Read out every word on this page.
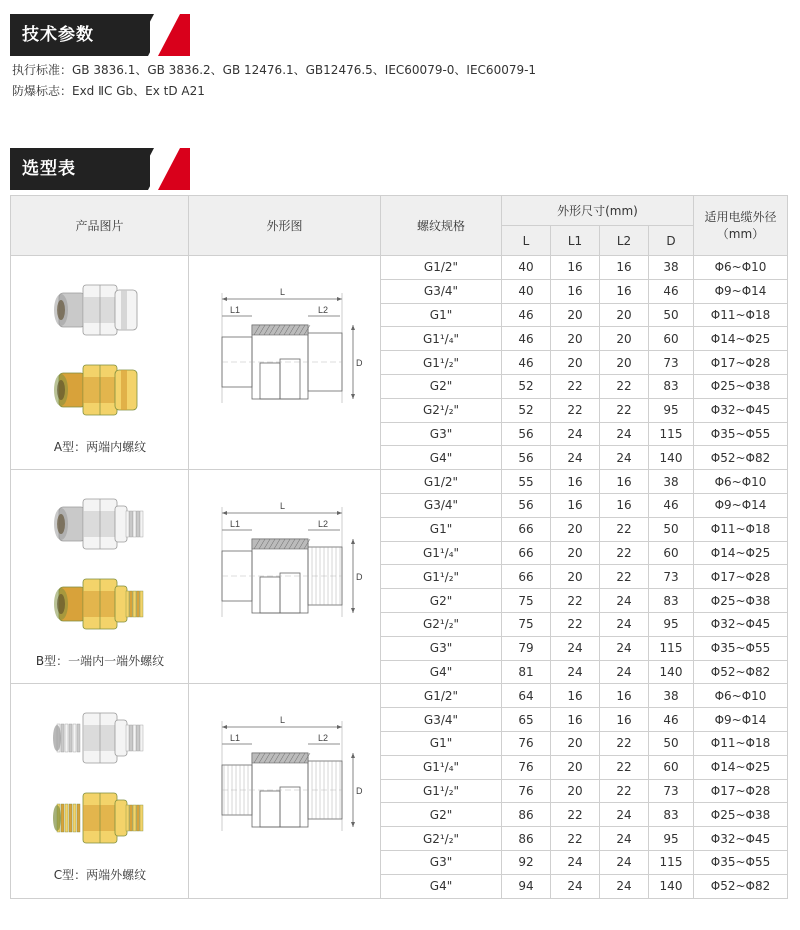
技术参数
执行标准：GB 3836.1、GB 3836.2、GB 12476.1、GB12476.5、IEC60079-0、IEC60079-1
防爆标志：Exd ⅡC Gb、Ex tD A21
选型表
产品图片	外形图	螺纹规格	外形尺寸(mm)				适用电缆外径（mm）
			L	L1	L2	D	

A型：两端内螺纹	L
L1 L2
D	G1/2"	40	16	16	38	Φ6~Φ10
		G3/4"	40	16	16	46	Φ9~Φ14
		G1"	46	20	20	50	Φ11~Φ18
		G1¹/₄"	46	20	20	60	Φ14~Φ25
		G1¹/₂"	46	20	20	73	Φ17~Φ28
		G2"	52	22	22	83	Φ25~Φ38
		G2¹/₂"	52	22	22	95	Φ32~Φ45
		G3"	56	24	24	115	Φ35~Φ55
		G4"	56	24	24	140	Φ52~Φ82

B型：一端内一端外螺纹	L
L1 L2
D	G1/2"	55	16	16	38	Φ6~Φ10
		G3/4"	56	16	16	46	Φ9~Φ14
		G1"	66	20	22	50	Φ11~Φ18
		G1¹/₄"	66	20	22	60	Φ14~Φ25
		G1¹/₂"	66	20	22	73	Φ17~Φ28
		G2"	75	22	24	83	Φ25~Φ38
		G2¹/₂"	75	22	24	95	Φ32~Φ45
		G3"	79	24	24	115	Φ35~Φ55
		G4"	81	24	24	140	Φ52~Φ82

C型：两端外螺纹	L
L1 L2
D	G1/2"	64	16	16	38	Φ6~Φ10
		G3/4"	65	16	16	46	Φ9~Φ14
		G1"	76	20	22	50	Φ11~Φ18
		G1¹/₄"	76	20	22	60	Φ14~Φ25
		G1¹/₂"	76	20	22	73	Φ17~Φ28
		G2"	86	22	24	83	Φ25~Φ38
		G2¹/₂"	86	22	24	95	Φ32~Φ45
		G3"	92	24	24	115	Φ35~Φ55
		G4"	94	24	24	140	Φ52~Φ82
